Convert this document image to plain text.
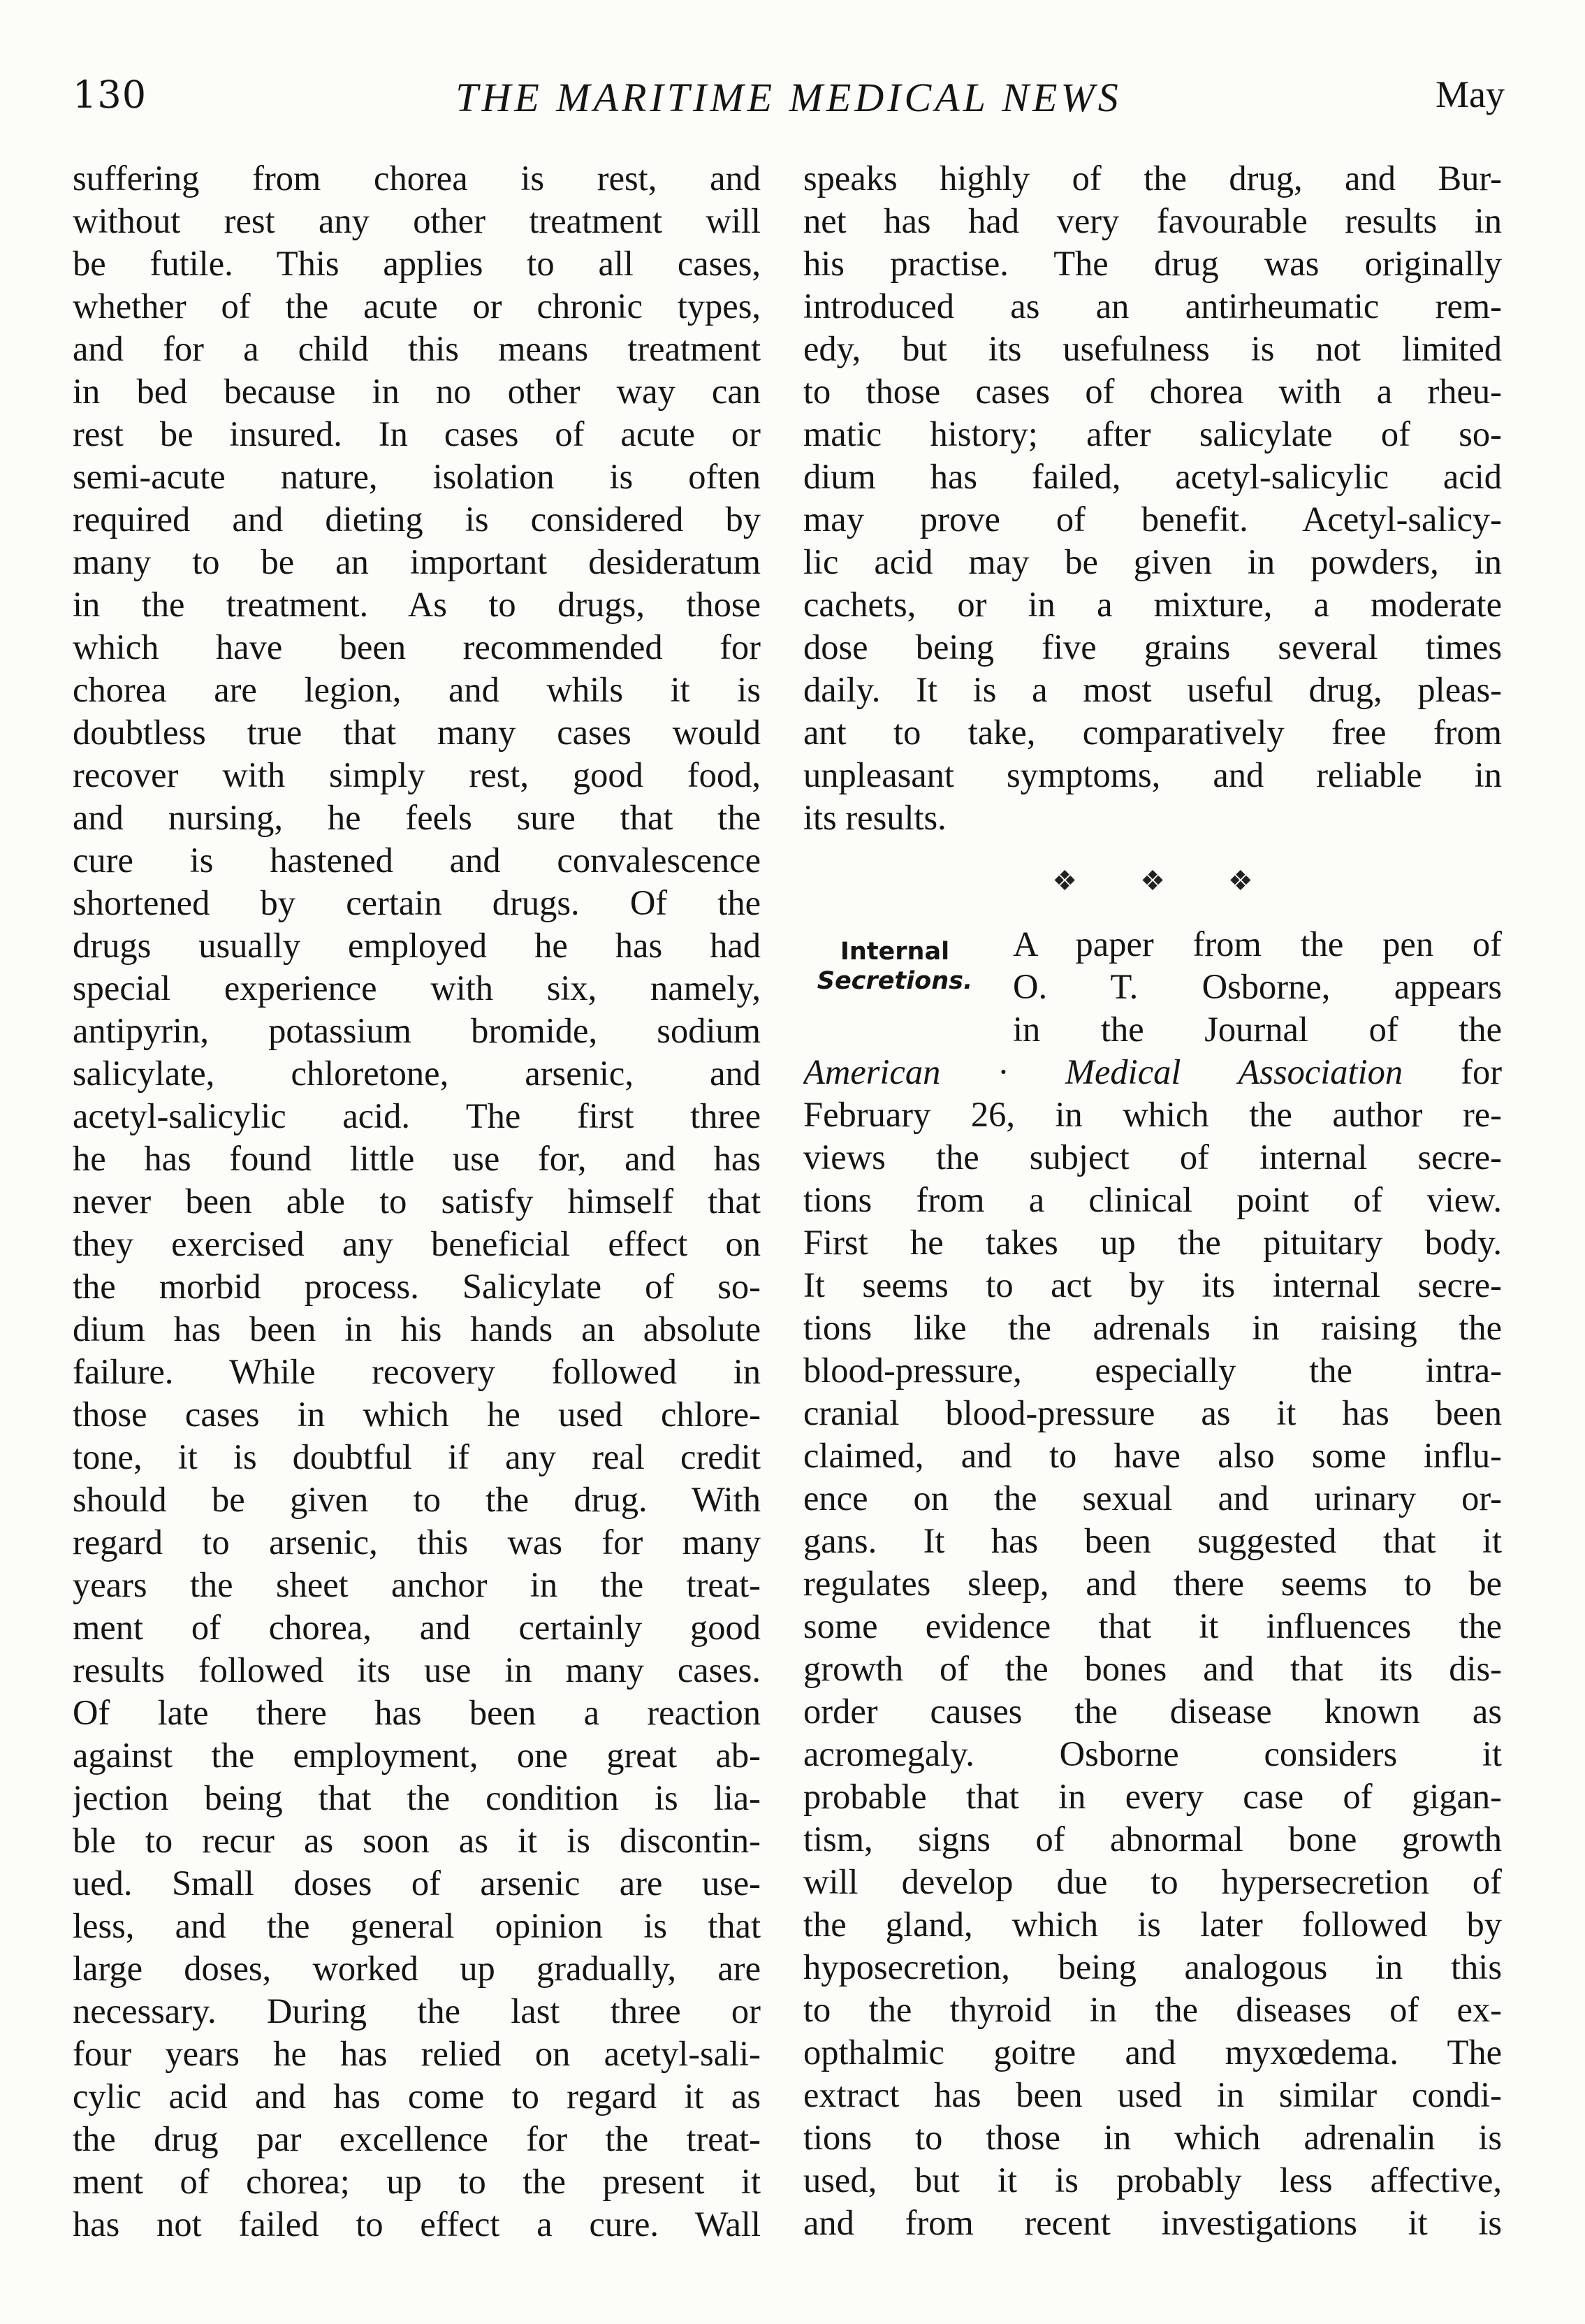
130	THE MARITIME MEDICAL NEWS	May
suffering from chorea is rest, and
without rest any other treatment will
be futile. This applies to all cases,
whether of the acute or chronic types,
and for a child this means treatment
in bed because in no other way can
rest be insured. In cases of acute or
semi-acute nature, isolation is often
required and dieting is considered by
many to be an important desideratum
in the treatment. As to drugs, those
which have been recommended for
chorea are legion, and whils it is
doubtless true that many cases would
recover with simply rest, good food,
and nursing, he feels sure that the
cure is hastened and convalescence
shortened by certain drugs. Of the
drugs usually employed he has had
special experience with six, namely,
antipyrin, potassium bromide, sodium
salicylate, chloretone, arsenic, and
acetyl-salicylic acid. The first three
he has found little use for, and has
never been able to satisfy himself that
they exercised any beneficial effect on
the morbid process. Salicylate of so-
dium has been in his hands an absolute
failure. While recovery followed in
those cases in which he used chlore-
tone, it is doubtful if any real credit
should be given to the drug. With
regard to arsenic, this was for many
years the sheet anchor in the treat-
ment of chorea, and certainly good
results followed its use in many cases.
Of late there has been a reaction
against the employment, one great ab-
jection being that the condition is lia-
ble to recur as soon as it is discontin-
ued. Small doses of arsenic are use-
less, and the general opinion is that
large doses, worked up gradually, are
necessary. During the last three or
four years he has relied on acetyl-sali-
cylic acid and has come to regard it as
the drug par excellence for the treat-
ment of chorea; up to the present it
has not failed to effect a cure. Wall
speaks highly of the drug, and Bur-
net has had very favourable results in
his practise. The drug was originally
introduced as an antirheumatic rem-
edy, but its usefulness is not limited
to those cases of chorea with a rheu-
matic history; after salicylate of so-
dium has failed, acetyl-salicylic acid
may prove of benefit. Acetyl-salicy-
lic acid may be given in powders, in
cachets, or in a mixture, a moderate
dose being five grains several times
daily. It is a most useful drug, pleas-
ant to take, comparatively free from
unpleasant symptoms, and reliable in
its results.
❖ ❖ ❖
Internal
Secretions.
A paper from the pen of
O. T. Osborne, appears
in the Journal of the
American · Medical Association for
February 26, in which the author re-
views the subject of internal secre-
tions from a clinical point of view.
First he takes up the pituitary body.
It seems to act by its internal secre-
tions like the adrenals in raising the
blood-pressure, especially the intra-
cranial blood-pressure as it has been
claimed, and to have also some influ-
ence on the sexual and urinary or-
gans. It has been suggested that it
regulates sleep, and there seems to be
some evidence that it influences the
growth of the bones and that its dis-
order causes the disease known as
acromegaly. Osborne considers it
probable that in every case of gigan-
tism, signs of abnormal bone growth
will develop due to hypersecretion of
the gland, which is later followed by
hyposecretion, being analogous in this
to the thyroid in the diseases of ex-
opthalmic goitre and myxœdema. The
extract has been used in similar condi-
tions to those in which adrenalin is
used, but it is probably less affective,
and from recent investigations it is
